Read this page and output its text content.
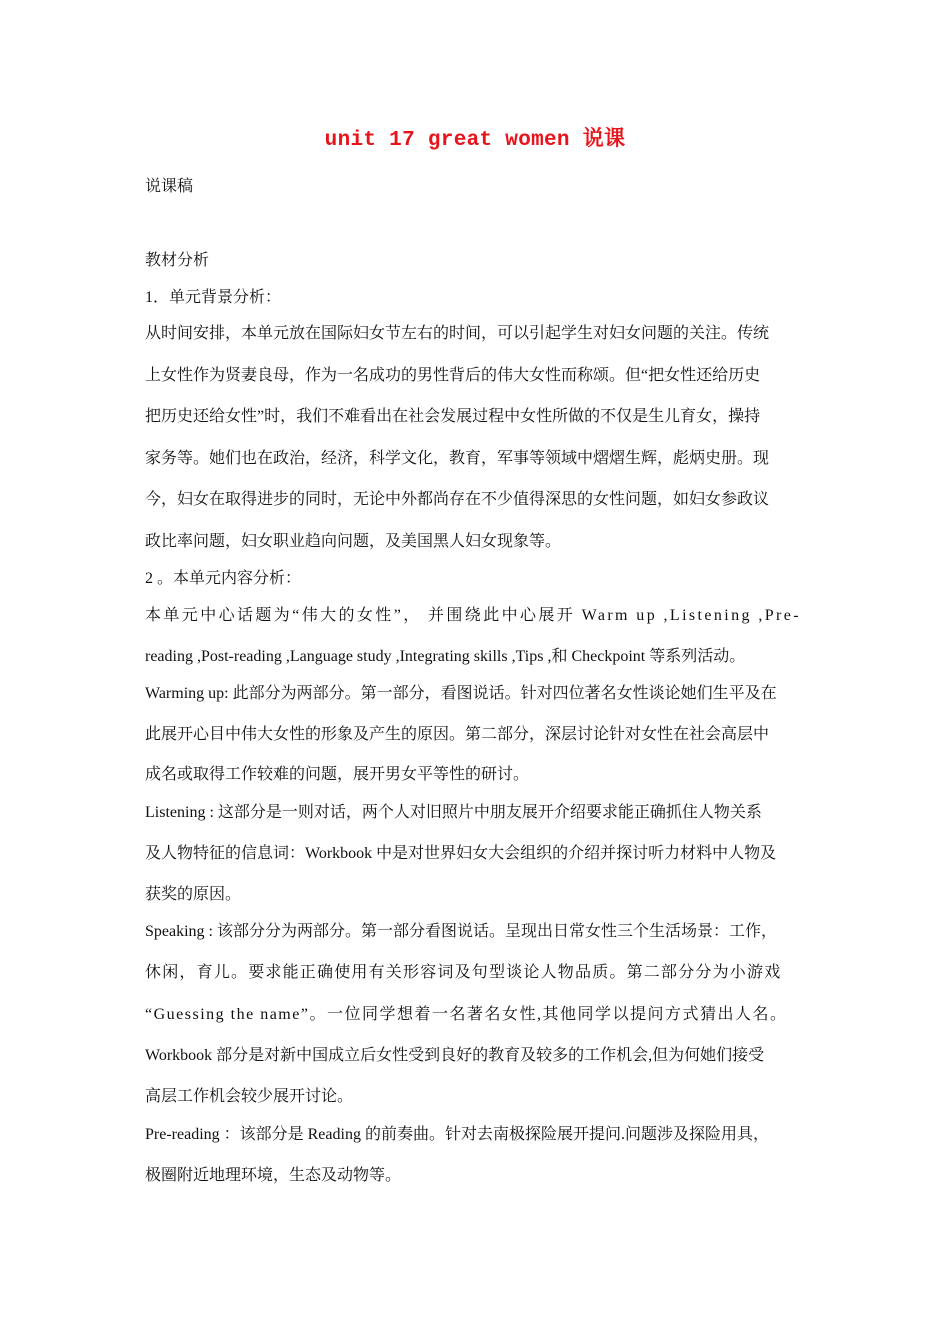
unit 17 great women 说课
说课稿
教材分析
1．单元背景分析：
从时间安排，本单元放在国际妇女节左右的时间，可以引起学生对妇女问题的关注。传统
上女性作为贤妻良母，作为一名成功的男性背后的伟大女性而称颂。但“把女性还给历史
把历史还给女性”时，我们不难看出在社会发展过程中女性所做的不仅是生儿育女，操持
家务等。她们也在政治，经济，科学文化，教育，军事等领域中熠熠生辉，彪炳史册。现
今，妇女在取得进步的同时，无论中外都尚存在不少值得深思的女性问题，如妇女参政议
政比率问题，妇女职业趋向问题，及美国黑人妇女现象等。
2 。本单元内容分析：
本单元中心话题为“伟大的女性”， 并围绕此中心展开 Warm up ,Listening ,Pre-
reading ,Post-reading ,Language study ,Integrating skills ,Tips ,和 Checkpoint 等系列活动。
Warming up: 此部分为两部分。第一部分，看图说话。针对四位著名女性谈论她们生平及在
此展开心目中伟大女性的形象及产生的原因。第二部分，深层讨论针对女性在社会高层中
成名或取得工作较难的问题，展开男女平等性的研讨。
Listening : 这部分是一则对话，两个人对旧照片中朋友展开介绍要求能正确抓住人物关系
及人物特征的信息词：Workbook 中是对世界妇女大会组织的介绍并探讨听力材料中人物及
获奖的原因。
Speaking : 该部分分为两部分。第一部分看图说话。呈现出日常女性三个生活场景：工作，
休闲，育儿。要求能正确使用有关形容词及句型谈论人物品质。第二部分分为小游戏
“Guessing the name”。一位同学想着一名著名女性,其他同学以提问方式猜出人名。
Workbook 部分是对新中国成立后女性受到良好的教育及较多的工作机会,但为何她们接受
高层工作机会较少展开讨论。
Pre-reading ：该部分是 Reading 的前奏曲。针对去南极探险展开提问.问题涉及探险用具，
极圈附近地理环境，生态及动物等。
